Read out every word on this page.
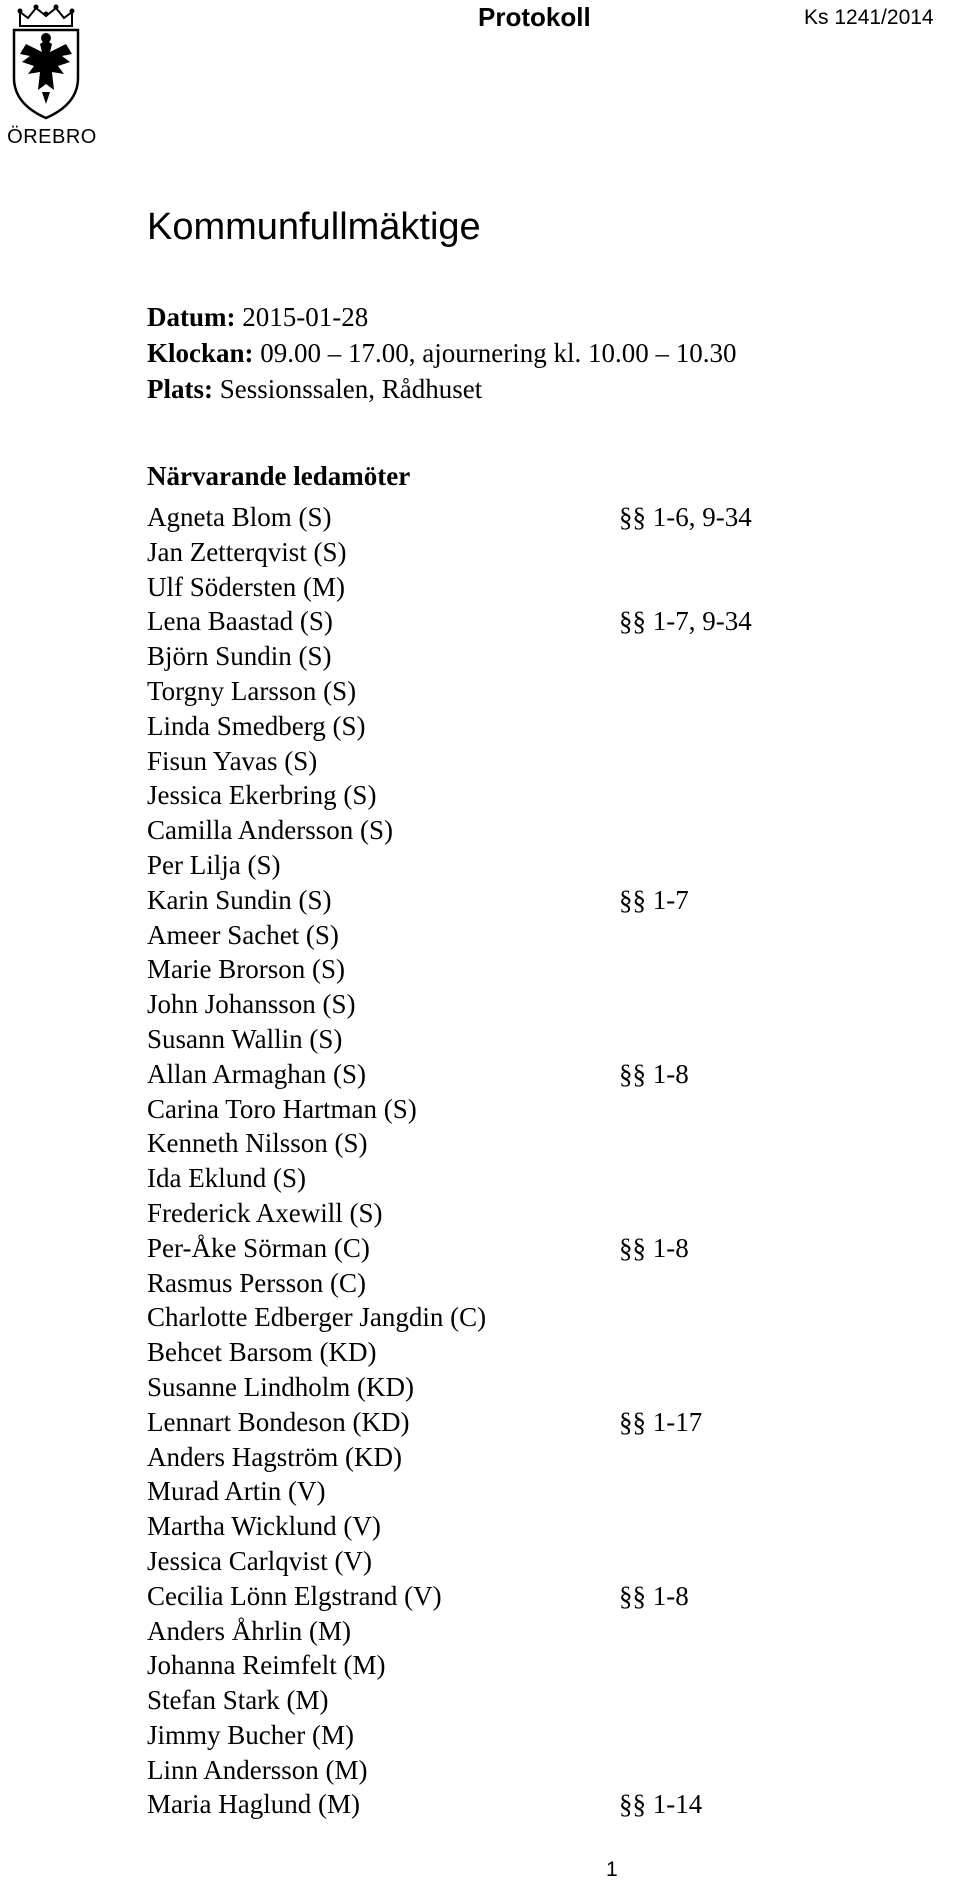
ÖREBRO
Protokoll	Ks 1241/2014
Kommunfullmäktige
Datum: 2015-01-28
Klockan: 09.00 – 17.00, ajournering kl. 10.00 – 10.30
Plats: Sessionssalen, Rådhuset
Närvarande ledamöter
Agneta Blom (S)	§§ 1-6, 9-34
Jan Zetterqvist (S)
Ulf Södersten (M)
Lena Baastad (S)	§§ 1-7, 9-34
Björn Sundin (S)
Torgny Larsson (S)
Linda Smedberg (S)
Fisun Yavas (S)
Jessica Ekerbring (S)
Camilla Andersson (S)
Per Lilja (S)
Karin Sundin (S)	§§ 1-7
Ameer Sachet (S)
Marie Brorson (S)
John Johansson (S)
Susann Wallin (S)
Allan Armaghan (S)	§§ 1-8
Carina Toro Hartman (S)
Kenneth Nilsson (S)
Ida Eklund (S)
Frederick Axewill (S)
Per-Åke Sörman (C)	§§ 1-8
Rasmus Persson (C)
Charlotte Edberger Jangdin (C)
Behcet Barsom (KD)
Susanne Lindholm (KD)
Lennart Bondeson (KD)	§§ 1-17
Anders Hagström (KD)
Murad Artin (V)
Martha Wicklund (V)
Jessica Carlqvist (V)
Cecilia Lönn Elgstrand (V)	§§ 1-8
Anders Åhrlin (M)
Johanna Reimfelt (M)
Stefan Stark (M)
Jimmy Bucher (M)
Linn Andersson (M)
Maria Haglund (M)	§§ 1-14
1
